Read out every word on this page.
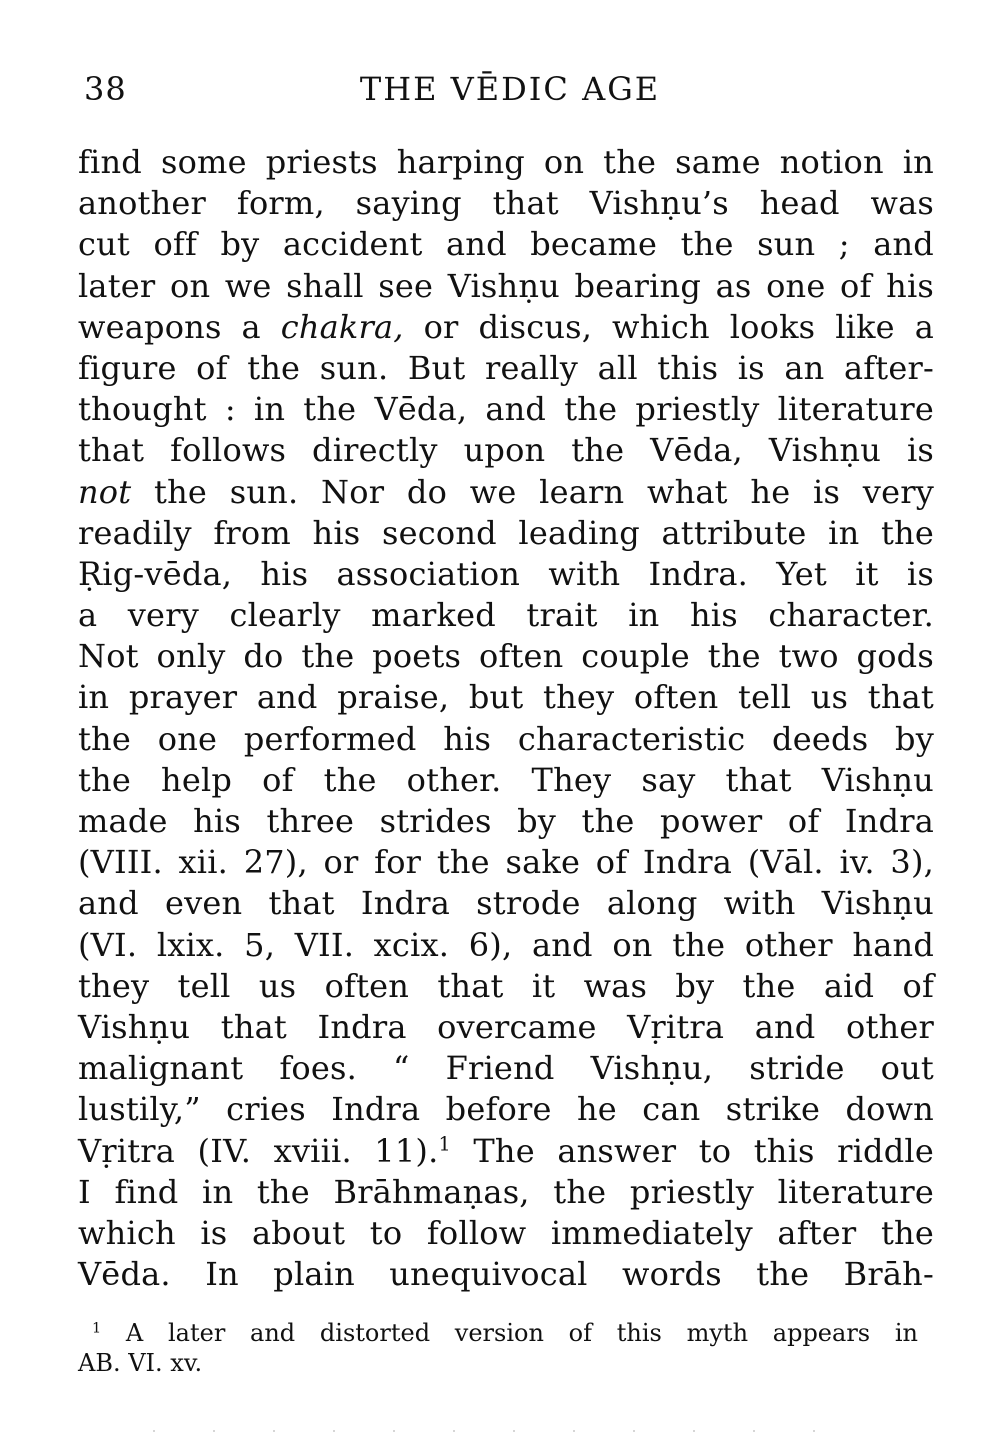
38	THE VĒDIC AGE
find some priests harping on the same notion in
another form, saying that Vishṇu’s head was
cut off by accident and became the sun ; and
later on we shall see Vishṇu bearing as one of his
weapons a chakra, or discus, which looks like a
figure of the sun. But really all this is an after-
thought : in the Vēda, and the priestly literature
that follows directly upon the Vēda, Vishṇu is
not the sun. Nor do we learn what he is very
readily from his second leading attribute in the
Ṛig-vēda, his association with Indra. Yet it is
a very clearly marked trait in his character.
Not only do the poets often couple the two gods
in prayer and praise, but they often tell us that
the one performed his characteristic deeds by
the help of the other. They say that Vishṇu
made his three strides by the power of Indra
(VIII. xii. 27), or for the sake of Indra (Vāl. iv. 3),
and even that Indra strode along with Vishṇu
(VI. lxix. 5, VII. xcix. 6), and on the other hand
they tell us often that it was by the aid of
Vishṇu that Indra overcame Vṛitra and other
malignant foes. “ Friend Vishṇu, stride out
lustily,” cries Indra before he can strike down
Vṛitra (IV. xviii. 11).$^1$ The answer to this riddle
I find in the Brāhmaṇas, the priestly literature
which is about to follow immediately after the
Vēda. In plain unequivocal words the Brāh-
$^1$ A later and distorted version of this myth appears in
AB. VI. xv.
